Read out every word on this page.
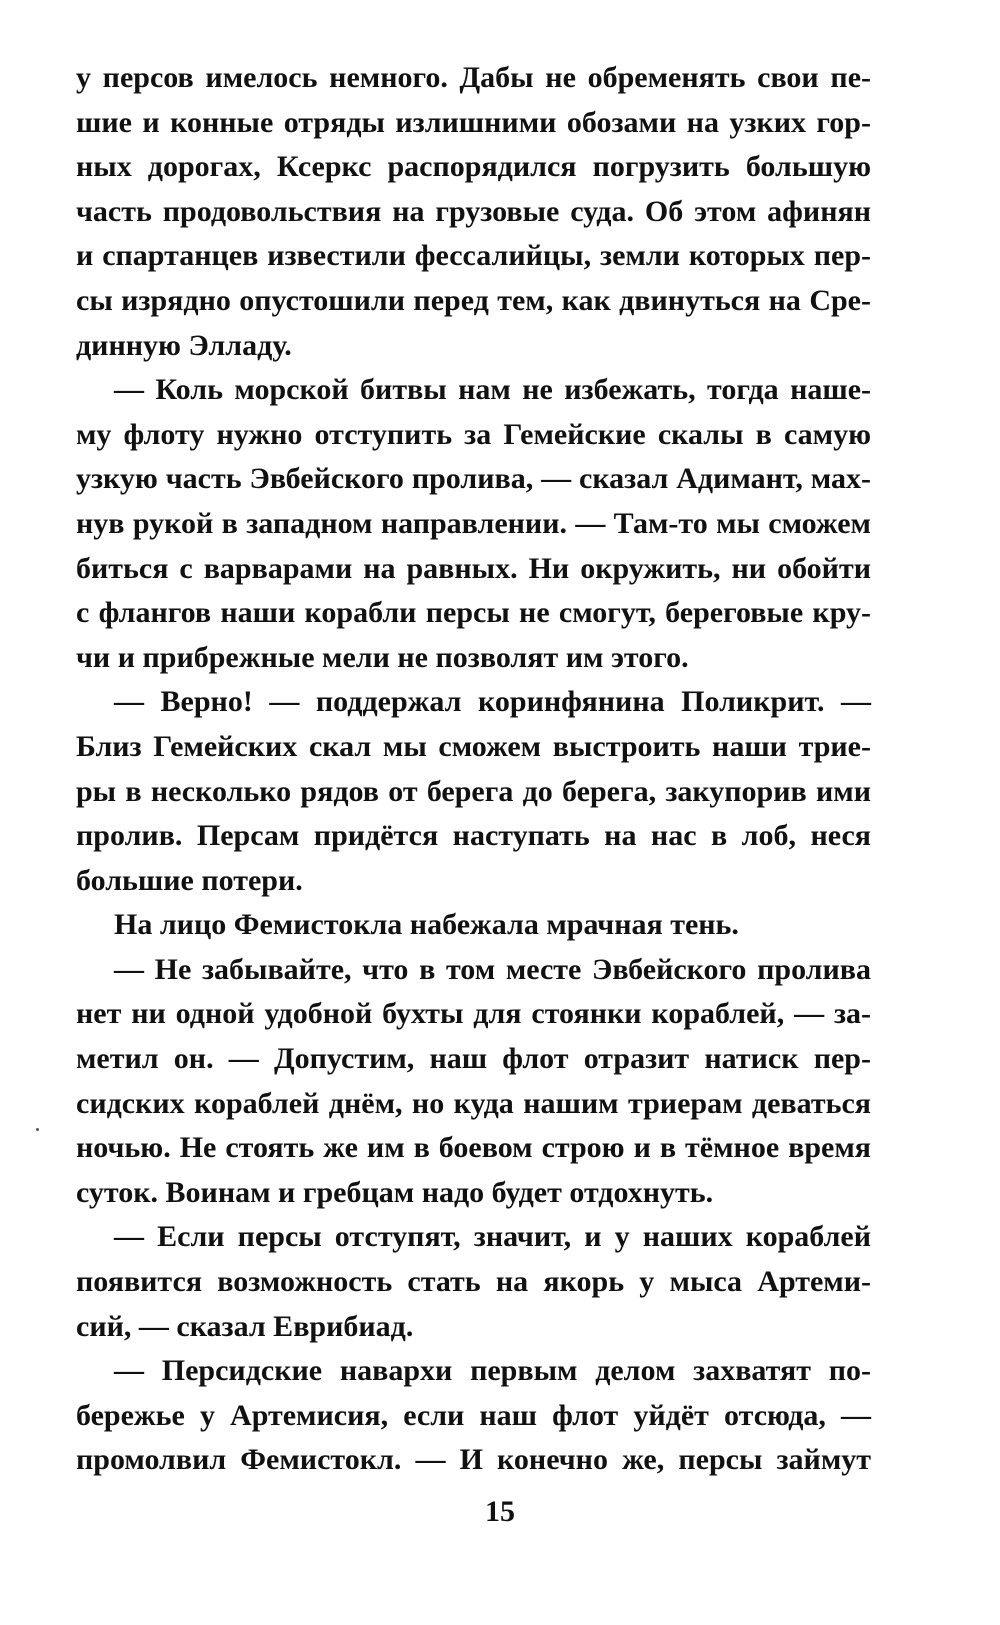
у персов имелось немного. Дабы не обременять свои пе-
шие и конные отряды излишними обозами на узких гор-
ных дорогах, Ксеркс распорядился погрузить большую
часть продовольствия на грузовые суда. Об этом афинян
и спартанцев известили фессалийцы, земли которых пер-
сы изрядно опустошили перед тем, как двинуться на Сре-
динную Элладу.
— Коль морской битвы нам не избежать, тогда наше-
му флоту нужно отступить за Гемейские скалы в самую
узкую часть Эвбейского пролива, — сказал Адимант, мах-
нув рукой в западном направлении. — Там-то мы сможем
биться с варварами на равных. Ни окружить, ни обойти
с флангов наши корабли персы не смогут, береговые кру-
чи и прибрежные мели не позволят им этого.
— Верно! — поддержал коринфянина Поликрит. —
Близ Гемейских скал мы сможем выстроить наши трие-
ры в несколько рядов от берега до берега, закупорив ими
пролив. Персам придётся наступать на нас в лоб, неся
большие потери.
На лицо Фемистокла набежала мрачная тень.
— Не забывайте, что в том месте Эвбейского пролива
нет ни одной удобной бухты для стоянки кораблей, — за-
метил он. — Допустим, наш флот отразит натиск пер-
сидских кораблей днём, но куда нашим триерам деваться
ночью. Не стоять же им в боевом строю и в тёмное время
суток. Воинам и гребцам надо будет отдохнуть.
— Если персы отступят, значит, и у наших кораблей
появится возможность стать на якорь у мыса Артеми-
сий, — сказал Еврибиад.
— Персидские навархи первым делом захватят по-
бережье у Артемисия, если наш флот уйдёт отсюда, —
промолвил Фемистокл. — И конечно же, персы займут
15
